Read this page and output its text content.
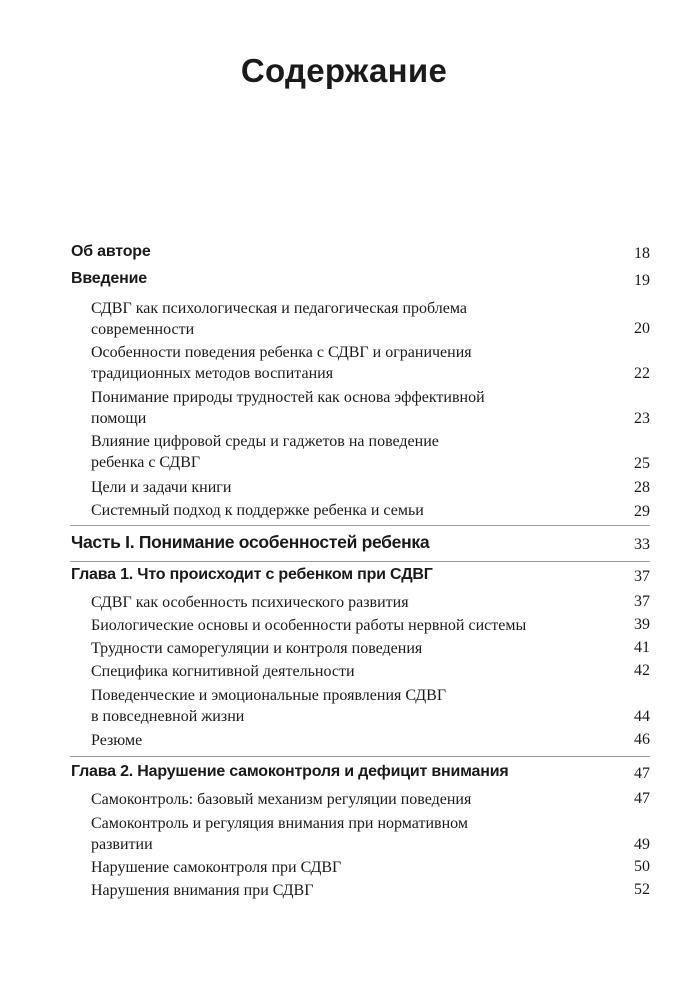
Содержание
Об авторе	18
Введение	19
СДВГ как психологическая и педагогическая проблема
современности	20
Особенности поведения ребенка с СДВГ и ограничения
традиционных методов воспитания	22
Понимание природы трудностей как основа эффективной
помощи	23
Влияние цифровой среды и гаджетов на поведение
ребенка с СДВГ	25
Цели и задачи книги	28
Системный подход к поддержке ребенка и семьи	29
Часть I. Понимание особенностей ребенка	33
Глава 1. Что происходит с ребенком при СДВГ	37
СДВГ как особенность психического развития	37
Биологические основы и особенности работы нервной системы	39
Трудности саморегуляции и контроля поведения	41
Специфика когнитивной деятельности	42
Поведенческие и эмоциональные проявления СДВГ
в повседневной жизни	44
Резюме	46
Глава 2. Нарушение самоконтроля и дефицит внимания	47
Самоконтроль: базовый механизм регуляции поведения	47
Самоконтроль и регуляция внимания при нормативном
развитии	49
Нарушение самоконтроля при СДВГ	50
Нарушения внимания при СДВГ	52
